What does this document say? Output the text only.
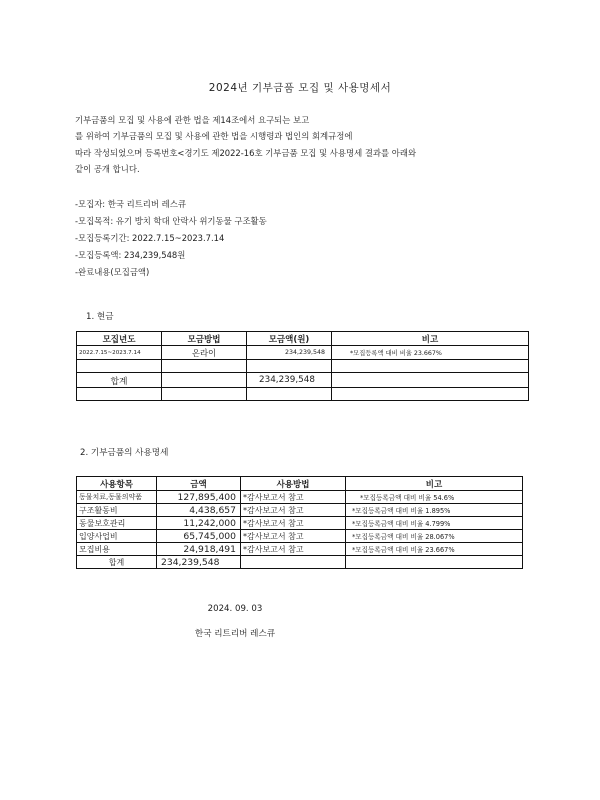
2024년 기부금품 모집 및 사용명세서
기부금품의 모집 및 사용에 관한 법을 제14조에서 요구되는 보고
를 위하여 기부금품의 모집 및 사용에 관한 법을 시행령과 법인의 회계규정에
따라 작성되었으며 등록번호<경기도 제2022-16호 기부금품 모집 및 사용명세 결과를 아래와
같이 공개 합니다.
-모집자: 한국 리트리버 레스큐
-모집목적: 유기 방치 학대 안락사 위기동물 구조활동
-모집등록기간: 2022.7.15~2023.7.14
-모집등록액: 234,239,548원
-완료내용(모집금액)
1. 현금
모집년도	모금방법	모금액(원)	비고
2022.7.15~2023.7.14	온라이	234,239,548	*모집등록액 대비 비율 23.667%

합계		234,239,548	

2. 기부금품의 사용명세
사용항목	금액	사용방법	비고
동물치료,동물의약품	127,895,400	*감사보고서 참고	*모집등록금액 대비 비율 54.6%
구조활동비	4,438,657	*감사보고서 참고	*모집등록금액 대비 비율 1.895%
동물보호관리	11,242,000	*감사보고서 참고	*모집등록금액 대비 비율 4.799%
입양사업비	65,745,000	*감사보고서 참고	*모집등록금액 대비 비율 28.067%
모집비용	24,918,491	*감사보고서 참고	*모집등록금액 대비 비율 23.667%
합계	234,239,548		
2024. 09. 03
한국 리트리버 레스큐
